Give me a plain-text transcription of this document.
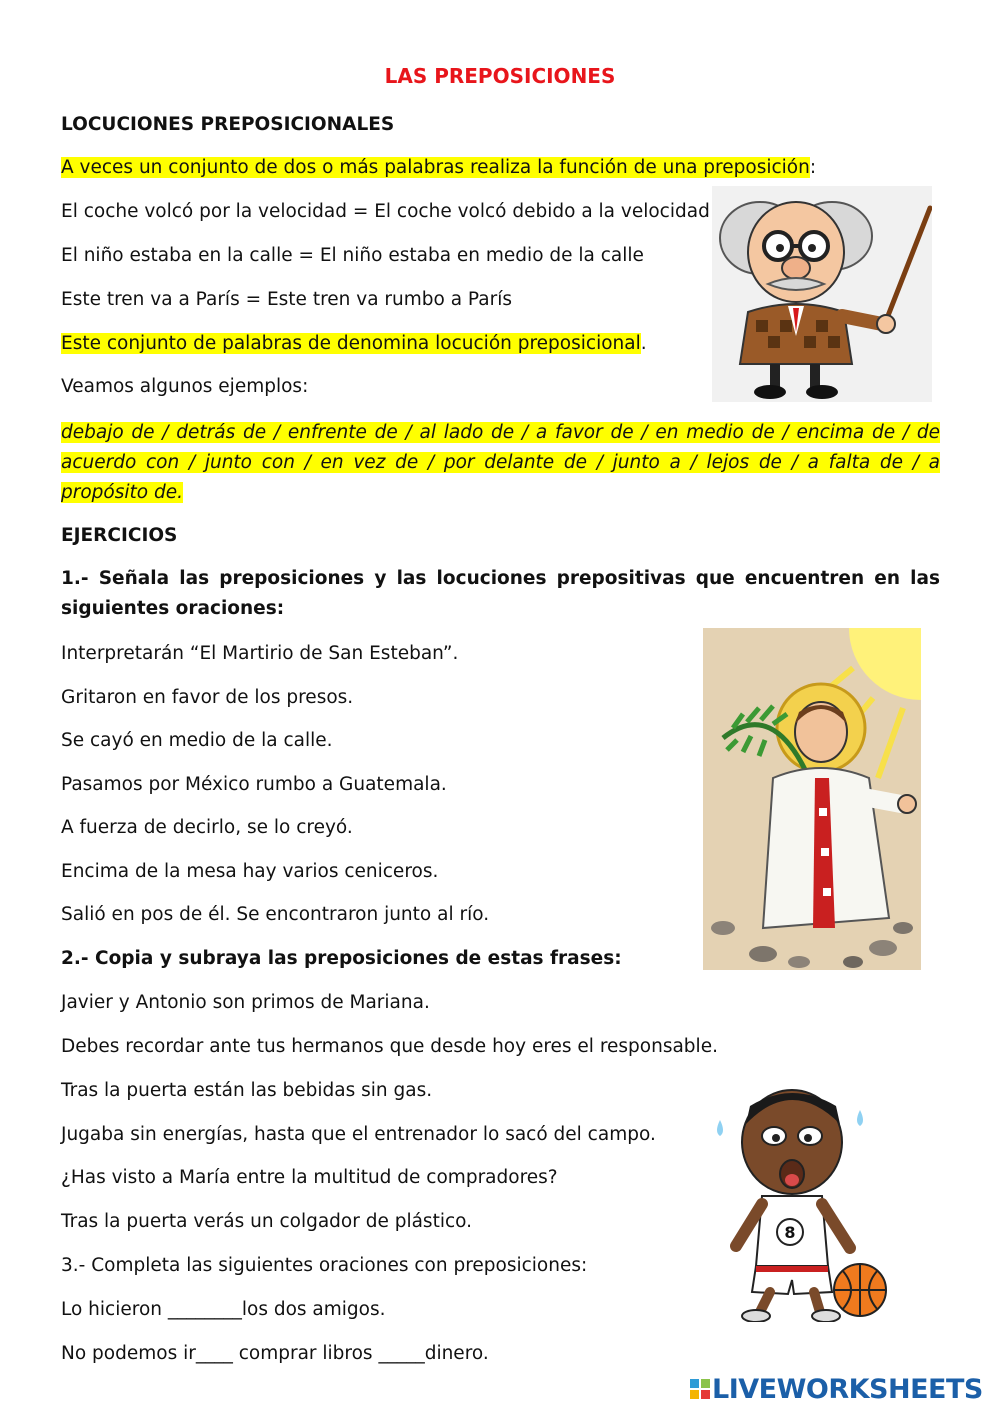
LAS PREPOSICIONES
LOCUCIONES PREPOSICIONALES
A veces un conjunto de dos o más palabras realiza la función de una preposición:
El coche volcó por la velocidad = El coche volcó debido a la velocidad
El niño estaba en la calle = El niño estaba en medio de la calle
Este tren va a París = Este tren va rumbo a París
Este conjunto de palabras de denomina locución preposicional.
Veamos algunos ejemplos:
debajo de / detrás de / enfrente de / al lado de / a favor de / en medio de / encima de / de acuerdo con / junto con / en vez de / por delante de / junto a / lejos de / a falta de / a propósito de.
EJERCICIOS
1.- Señala las preposiciones y las locuciones prepositivas que encuentren en las siguientes oraciones:
Interpretarán “El Martirio de San Esteban”.
Gritaron en favor de los presos.
Se cayó en medio de la calle.
Pasamos por México rumbo a Guatemala.
A fuerza de decirlo, se lo creyó.
Encima de la mesa hay varios ceniceros.
Salió en pos de él. Se encontraron junto al río.
2.- Copia y subraya las preposiciones de estas frases:
Javier y Antonio son primos de Mariana.
Debes recordar ante tus hermanos que desde hoy eres el responsable.
Tras la puerta están las bebidas sin gas.
Jugaba sin energías, hasta que el entrenador lo sacó del campo.
¿Has visto a María entre la multitud de compradores?
Tras la puerta verás un colgador de plástico.
3.- Completa las siguientes oraciones con preposiciones:
Lo hicieron ________los dos amigos.
No podemos ir____ comprar libros _____dinero.
8
LIVEWORKSHEETS
